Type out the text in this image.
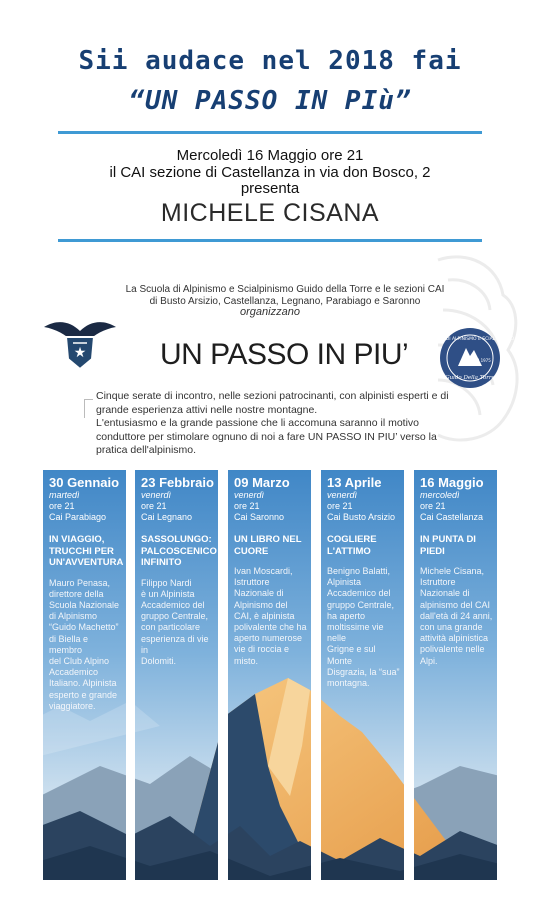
Sii audace nel 2018 fai
“UN PASSO IN PIù”
Mercoledì 16 Maggio ore 21
il CAI sezione di Castellanza in via don Bosco, 2
presenta
MICHELE CISANA
La Scuola di Alpinismo e Scialpinismo Guido della Torre e le sezioni CAI
di Busto Arsizio, Castellanza, Legnano, Parabiago e Saronno
organizzano
★ UN PASSO IN PIU’	SCUOLA DI ALPINISMO E SCIALPINISMO
dal 1975
Guido Della Torre
Cinque serate di incontro, nelle sezioni patrocinanti, con alpinisti esperti e di
grande esperienza attivi nelle nostre montagne.
L'entusiasmo e la grande passione che li accomuna saranno il motivo
conduttore per stimolare ognuno di noi a fare UN PASSO IN PIU’ verso la
pratica dell'alpinismo.
30 Gennaio
martedì
ore 21
Cai Parabiago
IN VIAGGIO,
TRUCCHI PER
UN'AVVENTURA
Mauro Penasa,
direttore della
Scuola Nazionale
di Alpinismo
“Guido Machetto”
di Biella e membro
del Club Alpino
Accademico
Italiano. Alpinista
esperto e grande
viaggiatore.
23 Febbraio
venerdì
ore 21
Cai Legnano
SASSOLUNGO:
PALCOSCENICO
INFINITO
Filippo Nardi
è un Alpinista
Accademico del
gruppo Centrale,
con particolare
esperienza di vie in
Dolomiti.
09 Marzo
venerdì
ore 21
Cai Saronno
UN LIBRO NEL
CUORE
Ivan Moscardi,
Istruttore
Nazionale di
Alpinismo del
CAI, è alpinista
polivalente che ha
aperto numerose
vie di roccia e
misto.
13 Aprile
venerdì
ore 21
Cai Busto Arsizio
COGLIERE
L'ATTIMO
Benigno Balatti,
Alpinista
Accademico del
gruppo Centrale,
ha aperto
moltissime vie nelle
Grigne e sul Monte
Disgrazia, la “sua”
montagna.
16 Maggio
mercoledì
ore 21
Cai Castellanza
IN PUNTA DI
PIEDI
Michele Cisana,
Istruttore
Nazionale di
alpinismo del CAI
dall'età di 24 anni,
con una grande
attività alpinistica
polivalente nelle
Alpi.
